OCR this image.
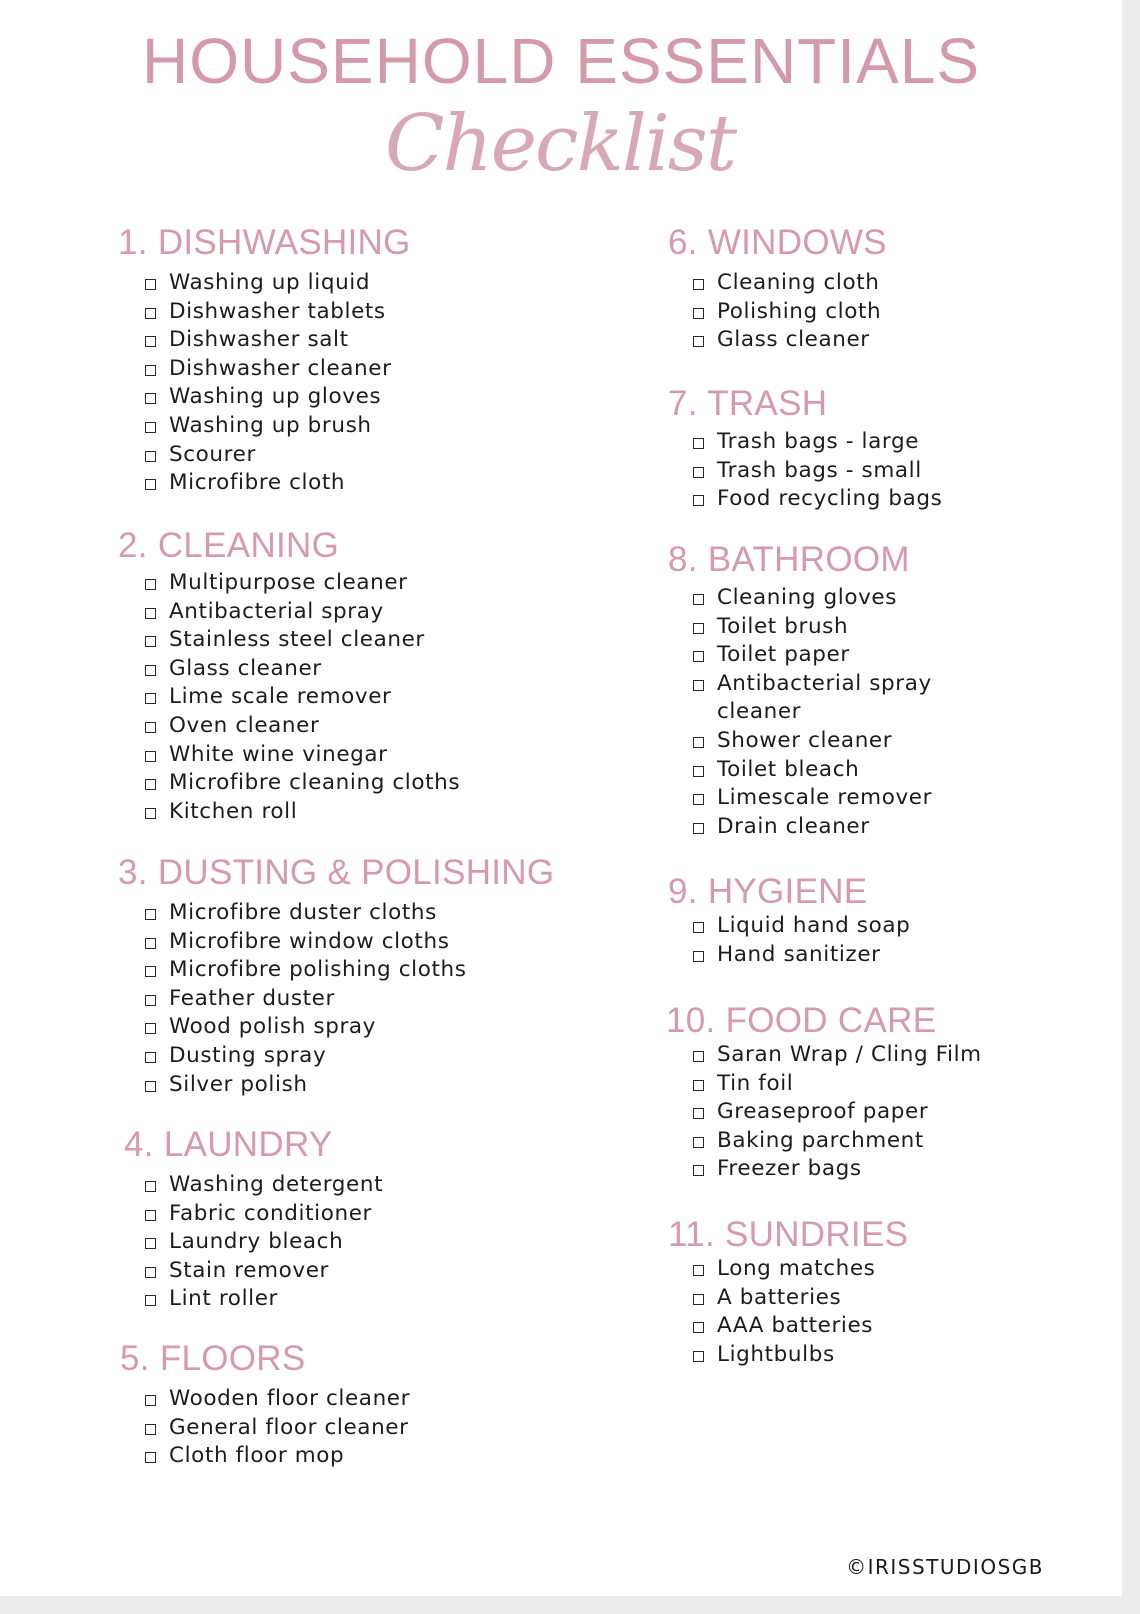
HOUSEHOLD ESSENTIALS
Checklist
1. DISHWASHING
Washing up liquid
Dishwasher tablets
Dishwasher salt
Dishwasher cleaner
Washing up gloves
Washing up brush
Scourer
Microfibre cloth
2. CLEANING
Multipurpose cleaner
Antibacterial spray
Stainless steel cleaner
Glass cleaner
Lime scale remover
Oven cleaner
White wine vinegar
Microfibre cleaning cloths
Kitchen roll
3. DUSTING & POLISHING
Microfibre duster cloths
Microfibre window cloths
Microfibre polishing cloths
Feather duster
Wood polish spray
Dusting spray
Silver polish
4. LAUNDRY
Washing detergent
Fabric conditioner
Laundry bleach
Stain remover
Lint roller
5. FLOORS
Wooden floor cleaner
General floor cleaner
Cloth floor mop
6. WINDOWS
Cleaning cloth
Polishing cloth
Glass cleaner
7. TRASH
Trash bags - large
Trash bags - small
Food recycling bags
8. BATHROOM
Cleaning gloves
Toilet brush
Toilet paper
Antibacterial spray cleaner
Shower cleaner
Toilet bleach
Limescale remover
Drain cleaner
9. HYGIENE
Liquid hand soap
Hand sanitizer
10. FOOD CARE
Saran Wrap / Cling Film
Tin foil
Greaseproof paper
Baking parchment
Freezer bags
11. SUNDRIES
Long matches
A batteries
AAA batteries
Lightbulbs
©IRISSTUDIOSGB
